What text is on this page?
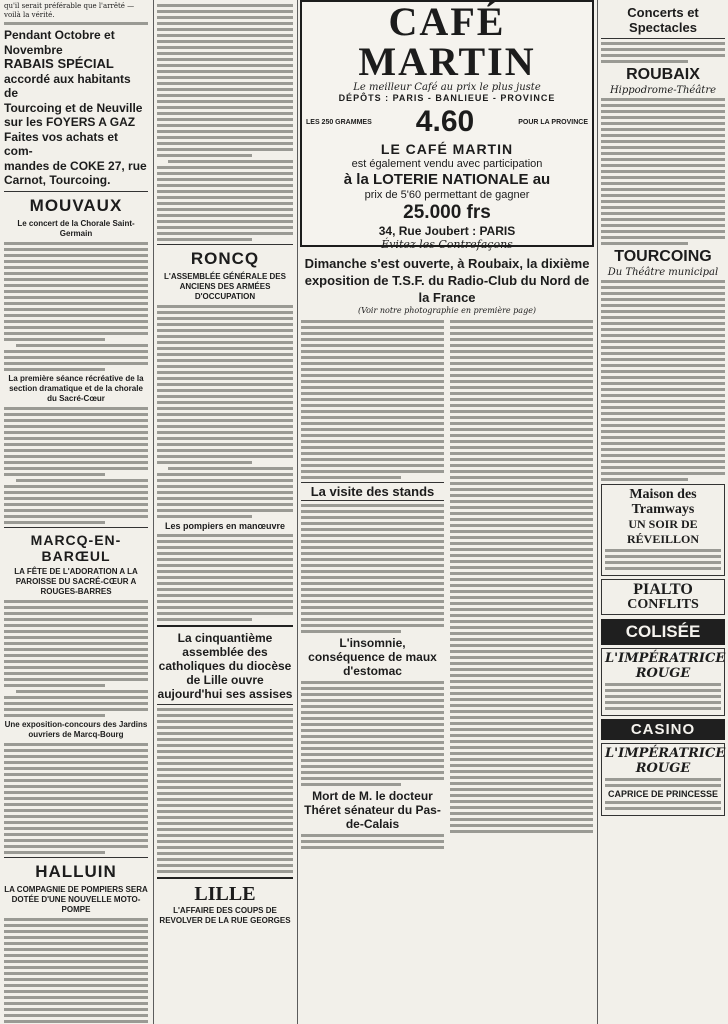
qu'il serait préférable que l'arrêté — voilà la vérité.
Pendant Octobre et Novembre
RABAIS SPÉCIAL
accordé aux habitants de
Tourcoing et de Neuville
sur les FOYERS A GAZ
Faites vos achats et com-
mandes de COKE 27, rue
Carnot, Tourcoing.
MOUVAUX
Le concert de la Chorale Saint-Germain
La première séance récréative de la section dramatique et de la chorale du Sacré-Cœur
MARCQ-EN-BARŒUL
LA FÊTE DE L'ADORATION A LA PAROISSE DU SACRÉ-CŒUR A ROUGES-BARRES
Une exposition-concours des Jardins ouvriers de Marcq-Bourg
HALLUIN
LA COMPAGNIE DE POMPIERS SERA DOTÉE D'UNE NOUVELLE MOTO-POMPE
RONCQ
L'ASSEMBLÉE GÉNÉRALE DES ANCIENS DES ARMÉES D'OCCUPATION
Les pompiers en manœuvre
La cinquantième assemblée des catholiques du diocèse de Lille ouvre aujourd'hui ses assises
LILLE
L'AFFAIRE DES COUPS DE REVOLVER DE LA RUE GEORGES
CAFÉ MARTIN
Le meilleur Café au prix le plus juste
DÉPÔTS : PARIS - BANLIEUE - PROVINCE
LES 250 GRAMMES 4.60	POUR LA PROVINCE
LE CAFÉ MARTIN
est également vendu avec participation
à la LOTERIE NATIONALE au
prix de 5'60 permettant de gagner
25.000 frs
34, Rue Joubert : PARIS
Évitez les Contrefaçons
Dimanche s'est ouverte, à Roubaix, la dixième exposition de T.S.F. du Radio-Club du Nord de la France
(Voir notre photographie en première page)
La visite des stands
L'insomnie, conséquence de maux d'estomac
Mort de M. le docteur Théret sénateur du Pas-de-Calais
Concerts et Spectacles
ROUBAIX
Hippodrome-Théâtre
TOURCOING
Du Théâtre municipal
Maison des Tramways
UN SOIR DE RÉVEILLON
PIALTO
CONFLITS
COLISÉE
L'IMPÉRATRICE ROUGE
CASINO
L'IMPÉRATRICE ROUGE
CAPRICE DE PRINCESSE
